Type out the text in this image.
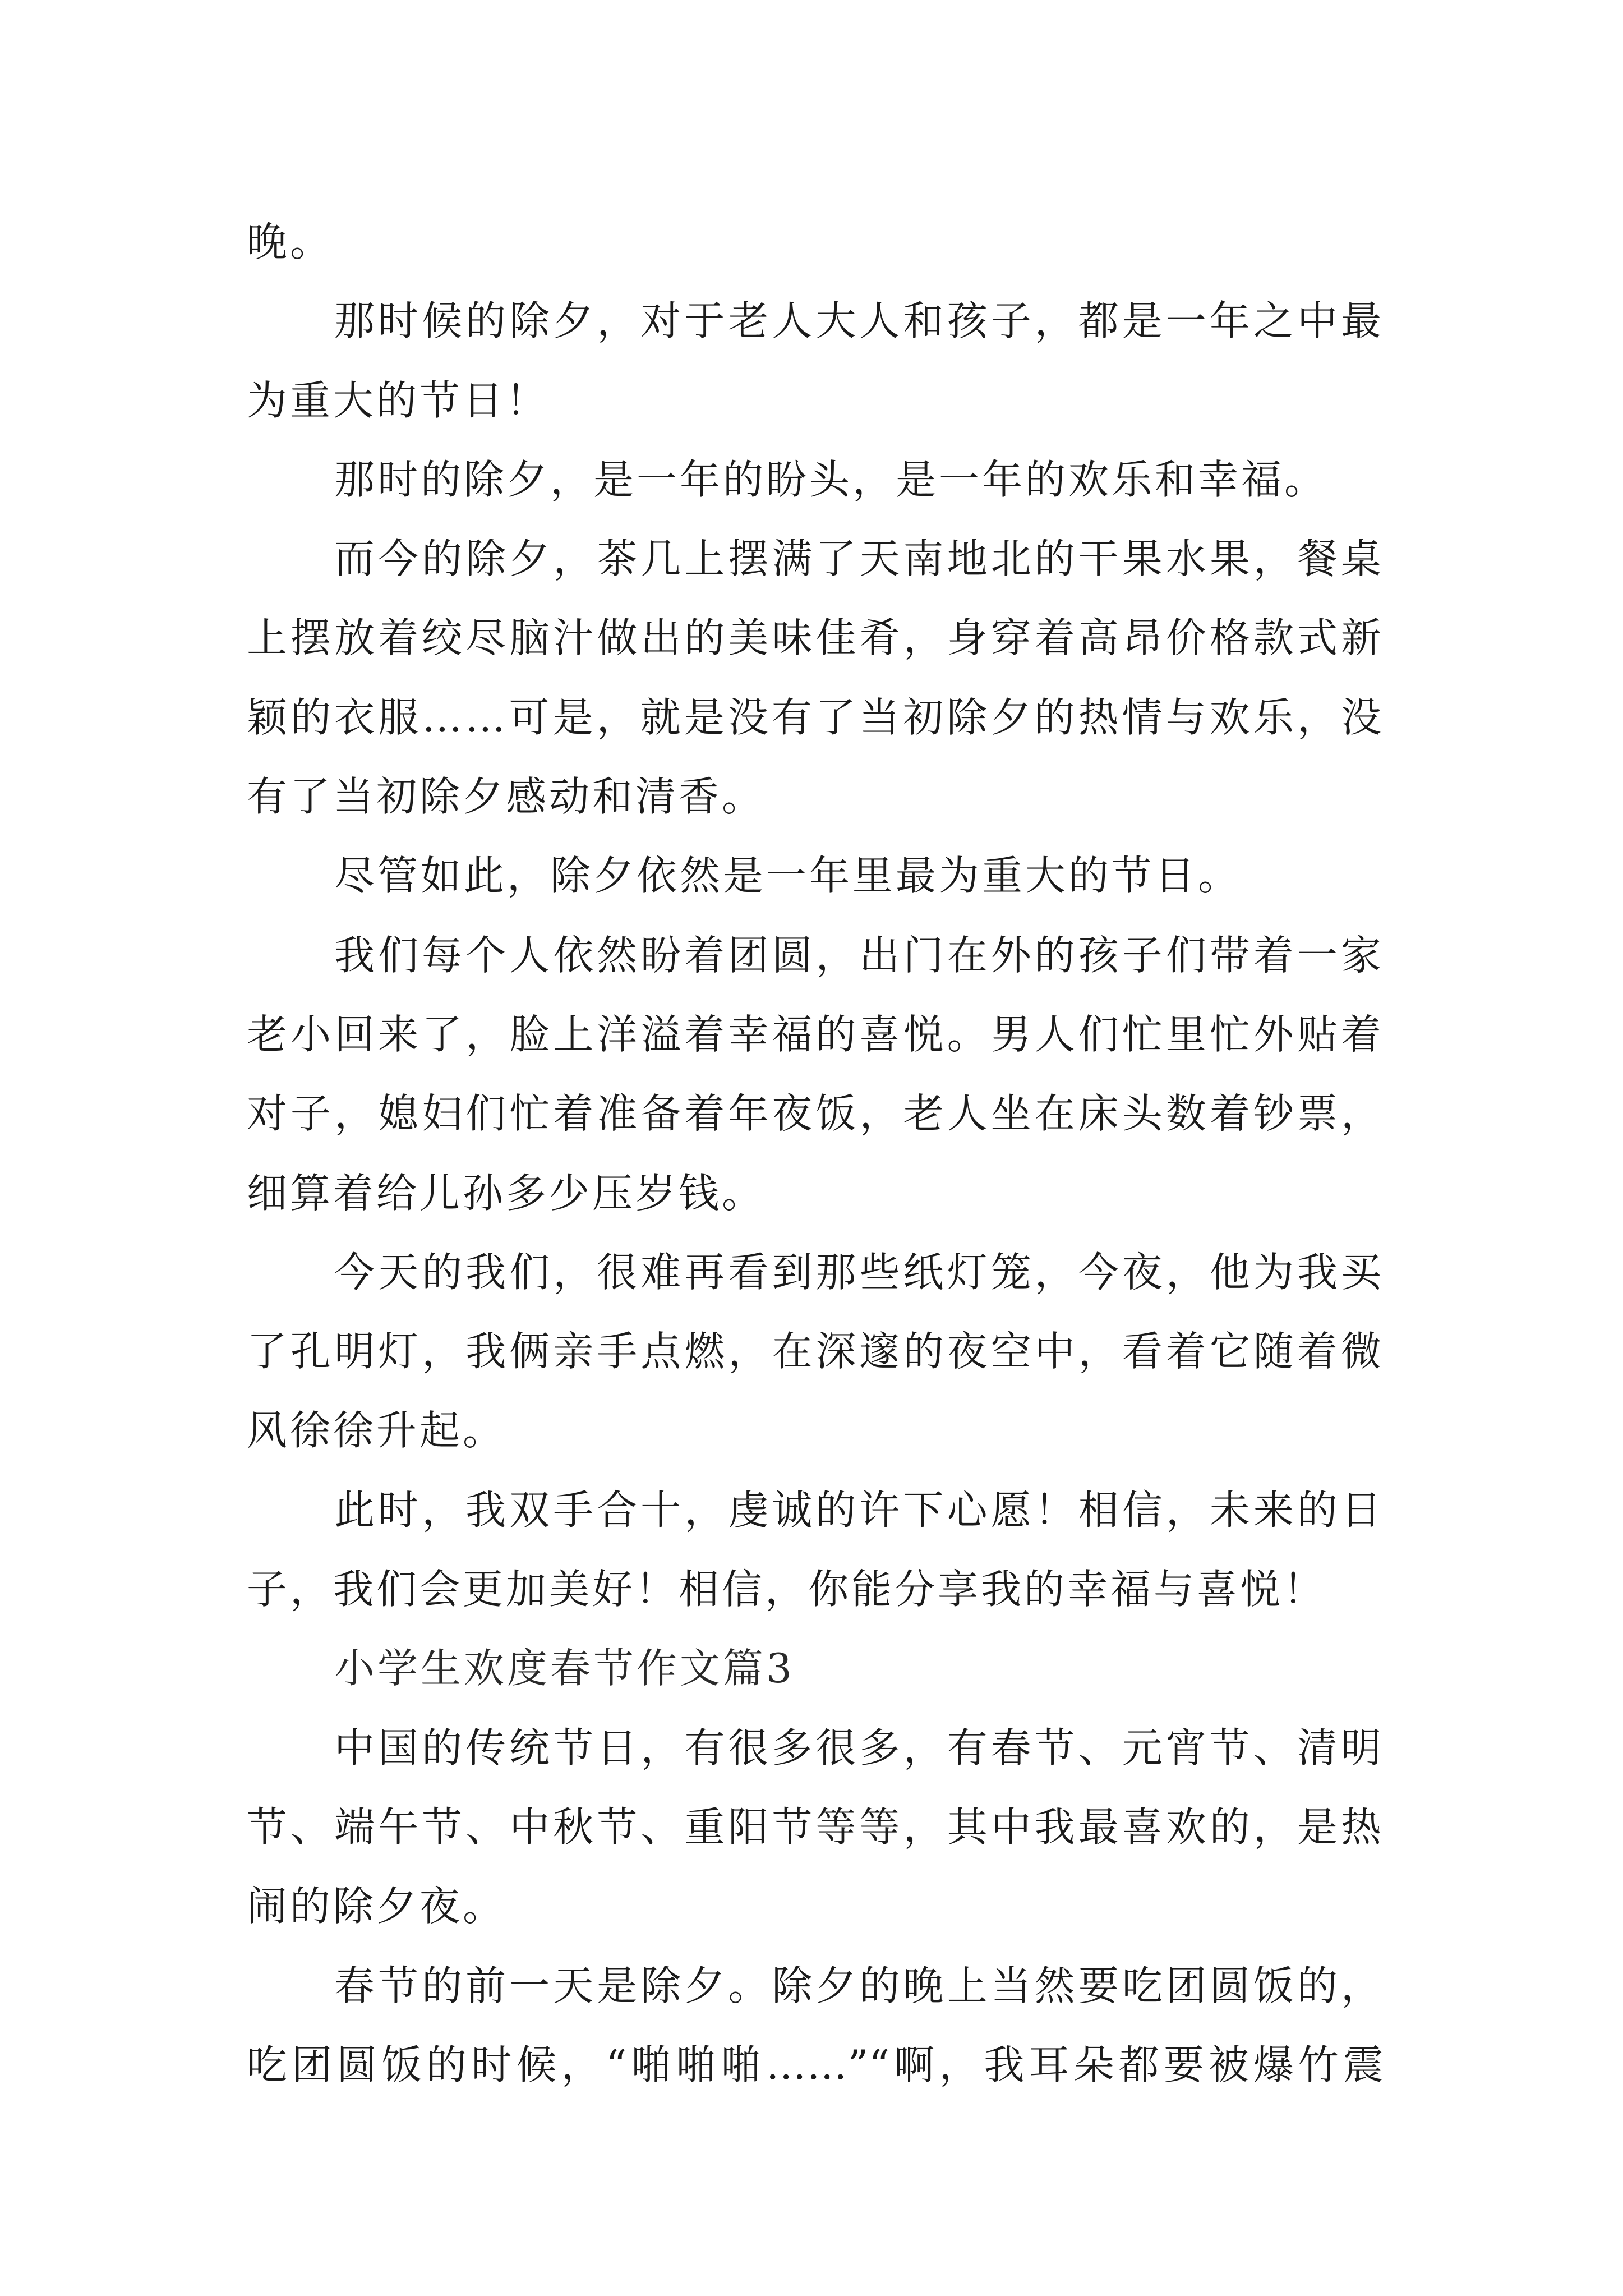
晚。
那时候的除夕，对于老人大人和孩子，都是一年之中最
为重大的节日！
那时的除夕，是一年的盼头，是一年的欢乐和幸福。
而今的除夕，茶几上摆满了天南地北的干果水果，餐桌
上摆放着绞尽脑汁做出的美味佳肴，身穿着高昂价格款式新
颖的衣服……可是，就是没有了当初除夕的热情与欢乐，没
有了当初除夕感动和清香。
尽管如此，除夕依然是一年里最为重大的节日。
我们每个人依然盼着团圆，出门在外的孩子们带着一家
老小回来了，脸上洋溢着幸福的喜悦。男人们忙里忙外贴着
对子，媳妇们忙着准备着年夜饭，老人坐在床头数着钞票，
细算着给儿孙多少压岁钱。
今天的我们，很难再看到那些纸灯笼，今夜，他为我买
了孔明灯，我俩亲手点燃，在深邃的夜空中，看着它随着微
风徐徐升起。
此时，我双手合十，虔诚的许下心愿！相信，未来的日
子，我们会更加美好！相信，你能分享我的幸福与喜悦！
小学生欢度春节作文篇3
中国的传统节日，有很多很多，有春节、元宵节、清明
节、端午节、中秋节、重阳节等等，其中我最喜欢的，是热
闹的除夕夜。
春节的前一天是除夕。除夕的晚上当然要吃团圆饭的，
吃团圆饭的时候，“啪啪啪……”“啊，我耳朵都要被爆竹震
